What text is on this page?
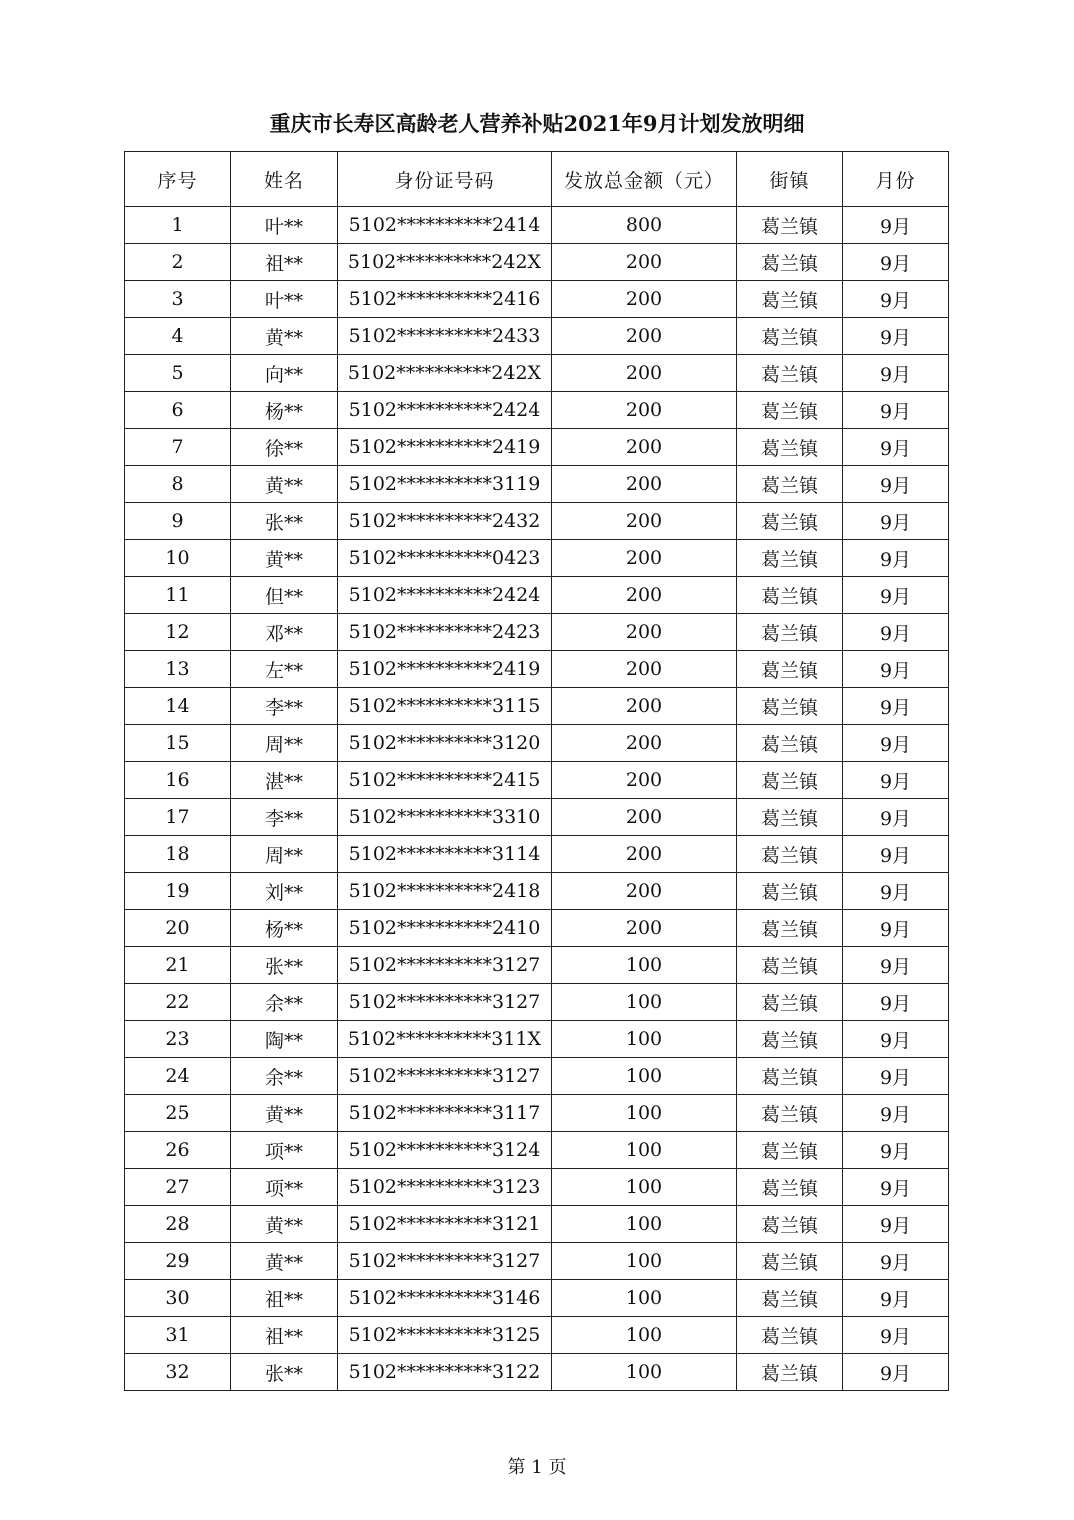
重庆市长寿区高龄老人营养补贴2021年9月计划发放明细
序号	姓名	身份证号码	发放总金额（元）	街镇	月份
1	叶**	5102**********2414	800	葛兰镇	9月
2	祖**	5102**********242X	200	葛兰镇	9月
3	叶**	5102**********2416	200	葛兰镇	9月
4	黄**	5102**********2433	200	葛兰镇	9月
5	向**	5102**********242X	200	葛兰镇	9月
6	杨**	5102**********2424	200	葛兰镇	9月
7	徐**	5102**********2419	200	葛兰镇	9月
8	黄**	5102**********3119	200	葛兰镇	9月
9	张**	5102**********2432	200	葛兰镇	9月
10	黄**	5102**********0423	200	葛兰镇	9月
11	但**	5102**********2424	200	葛兰镇	9月
12	邓**	5102**********2423	200	葛兰镇	9月
13	左**	5102**********2419	200	葛兰镇	9月
14	李**	5102**********3115	200	葛兰镇	9月
15	周**	5102**********3120	200	葛兰镇	9月
16	湛**	5102**********2415	200	葛兰镇	9月
17	李**	5102**********3310	200	葛兰镇	9月
18	周**	5102**********3114	200	葛兰镇	9月
19	刘**	5102**********2418	200	葛兰镇	9月
20	杨**	5102**********2410	200	葛兰镇	9月
21	张**	5102**********3127	100	葛兰镇	9月
22	余**	5102**********3127	100	葛兰镇	9月
23	陶**	5102**********311X	100	葛兰镇	9月
24	余**	5102**********3127	100	葛兰镇	9月
25	黄**	5102**********3117	100	葛兰镇	9月
26	项**	5102**********3124	100	葛兰镇	9月
27	项**	5102**********3123	100	葛兰镇	9月
28	黄**	5102**********3121	100	葛兰镇	9月
29	黄**	5102**********3127	100	葛兰镇	9月
30	祖**	5102**********3146	100	葛兰镇	9月
31	祖**	5102**********3125	100	葛兰镇	9月
32	张**	5102**********3122	100	葛兰镇	9月
第 1 页
